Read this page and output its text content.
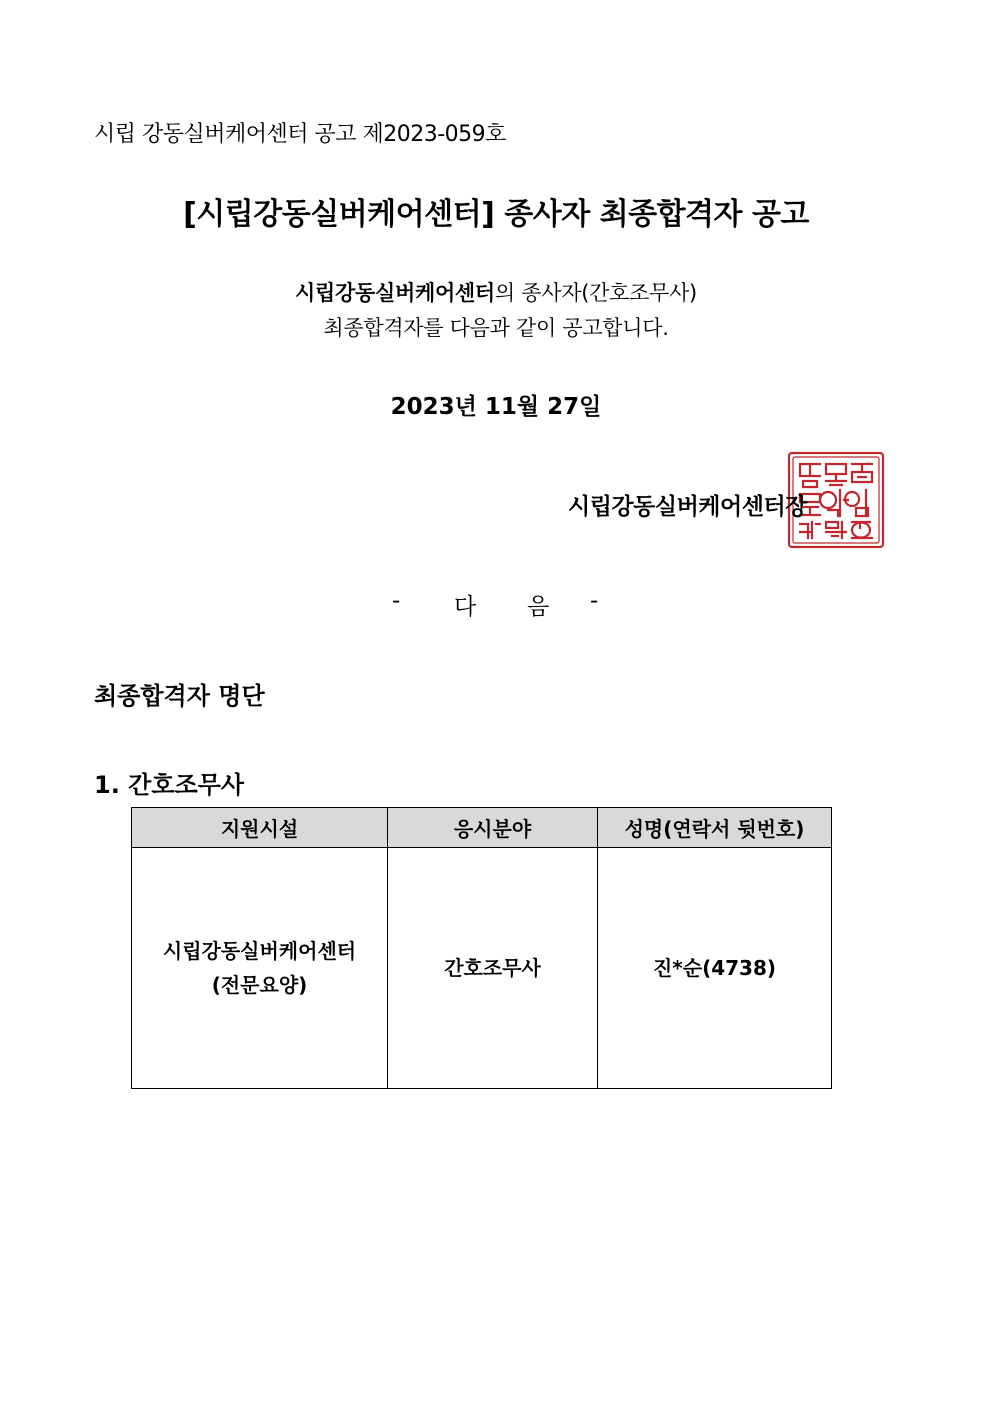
시립 강동실버케어센터 공고 제2023-059호
[시립강동실버케어센터] 종사자 최종합격자 공고
시립강동실버케어센터의 종사자(간호조무사)
최종합격자를 다음과 같이 공고합니다.
2023년 11월 27일
시립강동실버케어센터장
- 다 음 -
최종합격자 명단
1. 간호조무사
지원시설	응시분야	성명(연락서 뒷번호)
시립강동실버케어센터
(전문요양)	간호조무사	진*순(4738)
